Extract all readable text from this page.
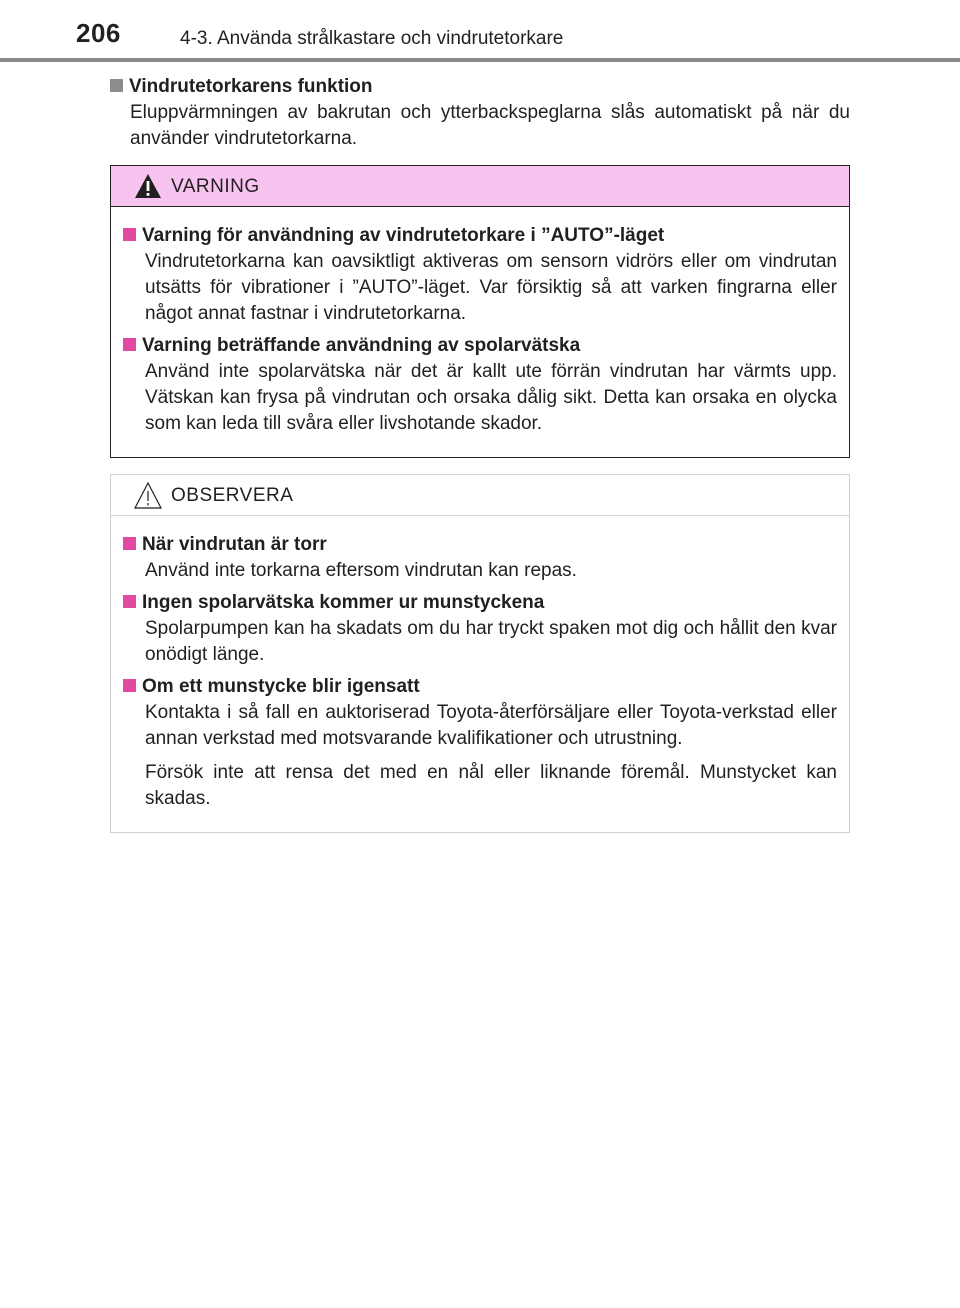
206	4-3. Använda strålkastare och vindrutetorkare
Vindrutetorkarens funktion
Eluppvärmningen av bakrutan och ytterbackspeglarna slås automatiskt på när du använder vindrutetorkarna.
VARNING
Varning för användning av vindrutetorkare i ”AUTO”-läget
Vindrutetorkarna kan oavsiktligt aktiveras om sensorn vidrörs eller om vindrutan utsätts för vibrationer i ”AUTO”-läget. Var försiktig så att varken fingrarna eller något annat fastnar i vindrutetorkarna.
Varning beträffande användning av spolarvätska
Använd inte spolarvätska när det är kallt ute förrän vindrutan har värmts upp. Vätskan kan frysa på vindrutan och orsaka dålig sikt. Detta kan orsaka en olycka som kan leda till svåra eller livshotande skador.
OBSERVERA
När vindrutan är torr
Använd inte torkarna eftersom vindrutan kan repas.
Ingen spolarvätska kommer ur munstyckena
Spolarpumpen kan ha skadats om du har tryckt spaken mot dig och hållit den kvar onödigt länge.
Om ett munstycke blir igensatt
Kontakta i så fall en auktoriserad Toyota-återförsäljare eller Toyota-verkstad eller annan verkstad med motsvarande kvalifikationer och utrustning.
Försök inte att rensa det med en nål eller liknande föremål. Munstycket kan skadas.
